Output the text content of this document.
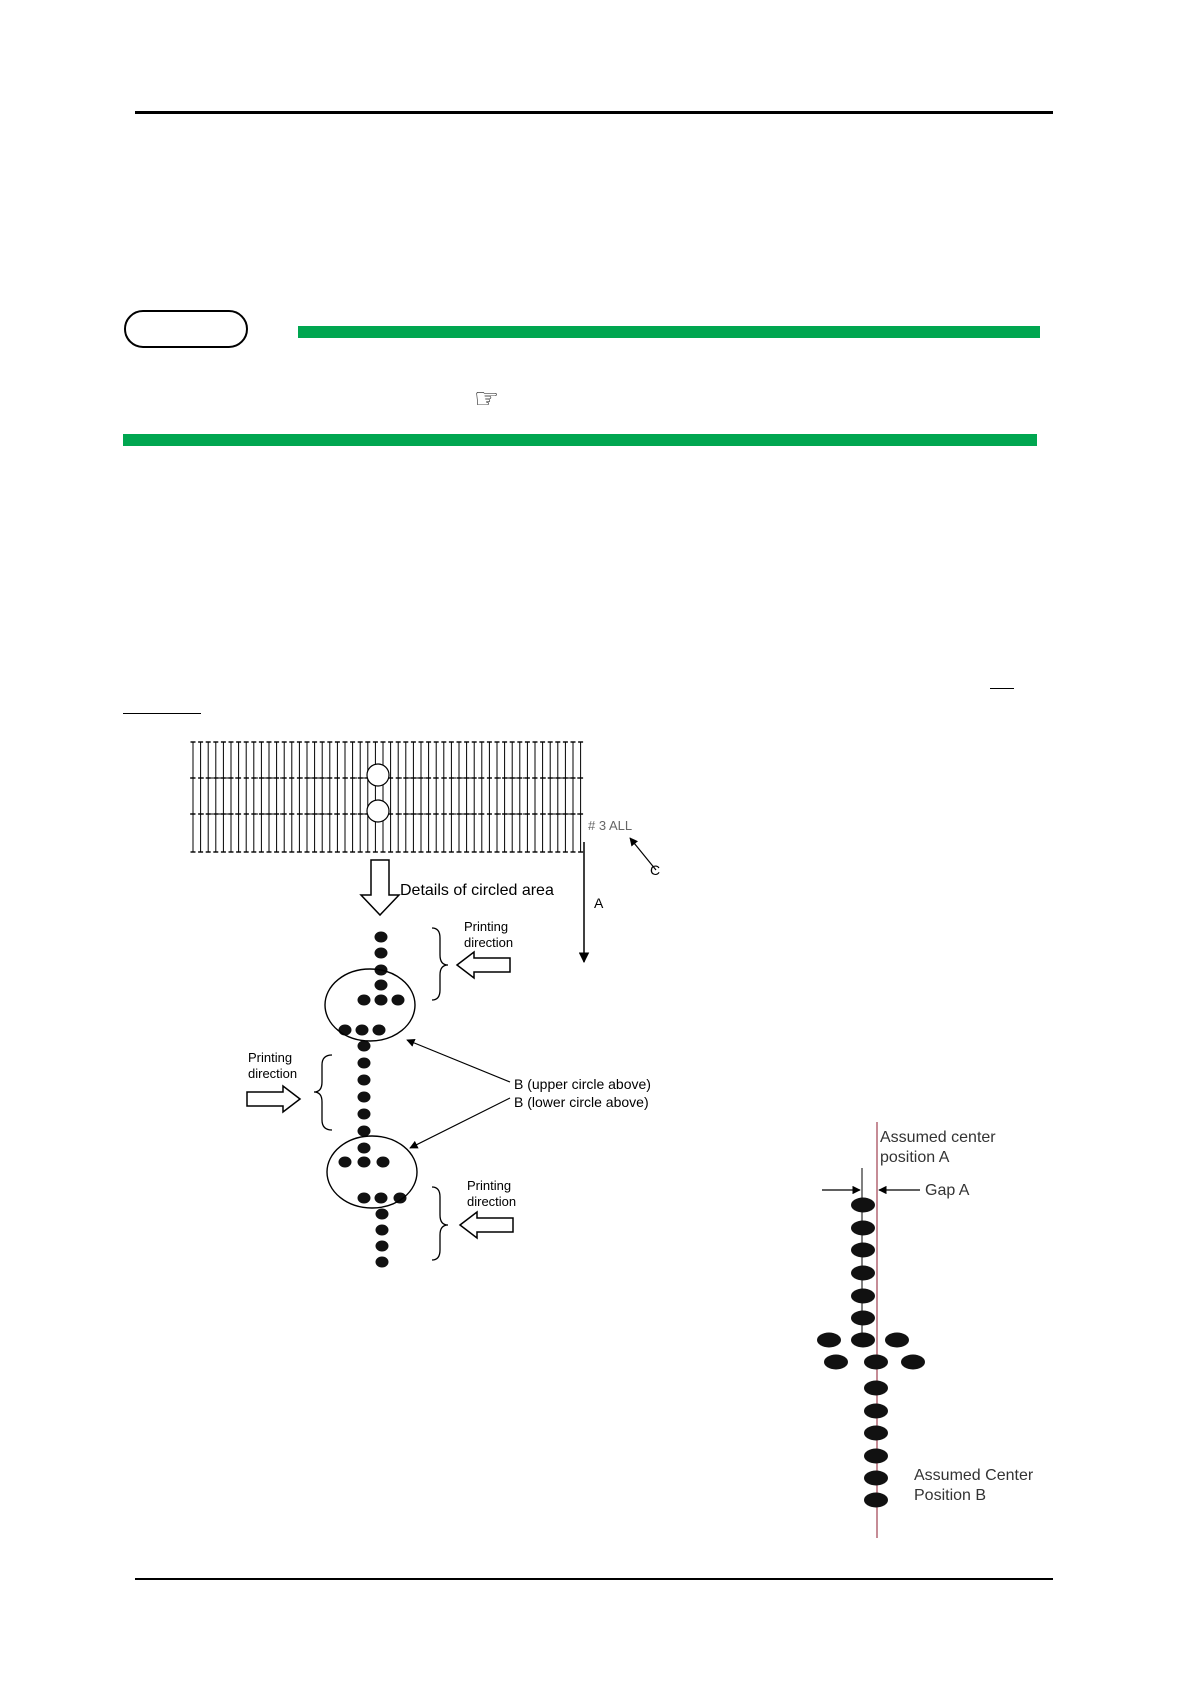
☞
# 3 ALL
C
A
Details of circled area
Printing
direction
Printing
direction
Printing
direction
B (upper circle above)
B (lower circle above)
Assumed center
position A
Gap A
Assumed Center
Position B
